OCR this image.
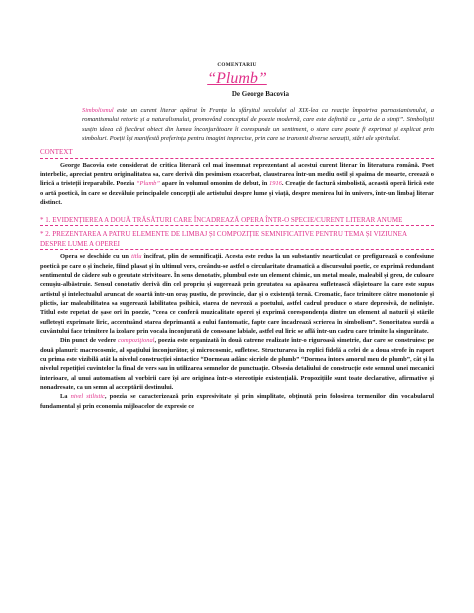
COMENTARIU
“Plumb”
De George Bacovia

Simbolismul este un curent literar apărut în Franța la sfârșitul secolului al XIX-lea ca reacție împotriva parnasianismului, a romantismului retoric și a naturalismului, promovând conceptul de poezie modernă, care este definită ca „arta de a simți”. Simboliștii susțin ideea că fiecărui obiect din lumea înconjurătoare îi corespunde un sentiment, o stare care poate fi exprimat și explicat prin simboluri. Poeții își manifestă preferința pentru imagini imprecise, prin care se transmit diverse senzații, stări ale spiritului.

CONTEXT

George Bacovia este considerat de critica literară cel mai însemnat reprezentant al acestui curent literar în literatura română. Poet interbelic, apreciat pentru originalitatea sa, care derivă din pesimism exacerbat, claustrarea într-un mediu ostil și spaima de moarte, creează o lirică a tristeții ireparabile. Poezia “Plumb” apare în volumul omonim de debut, în 1916. Creație de factură simbolistă, această operă lirică este o artă poetică, în care se dezvăluie principalele concepții ale artistului despre lume și viață, despre menirea lui în univers, într-un limbaj literar distinct.

* 1. EVIDENȚIEREA A DOUĂ TRĂSĂTURI CARE ÎNCADREAZĂ OPERA ÎNTR-O SPECIE/CURENT LITERAR ANUME
* 2. PREZENTAREA A PATRU ELEMENTE DE LIMBAJ ȘI COMPOZIȚIE SEMNIFICATIVE PENTRU TEMA ȘI VIZIUNEA DESPRE LUME A OPEREI

Opera se deschide cu un titlu încifrat, plin de semnificații. Acesta este redus la un substantiv nearticulat ce prefigurează o confesiune poetică pe care o și încheie, fiind plasat și în ultimul vers, creându-se astfel o circularitate dramatică a discursului poetic, ce exprimă redundant sentimentul de cădere sub o greutate strivitoare. În sens denotativ, plumbul este un element chimic, un metal moale, maleabil și greu, de culoare cenușiu-albăstruie. Sensul conotativ derivă din cel propriu și sugerează prin greutatea sa apăsarea sufletească sfâșietoare la care este supus artistul și intelectualul aruncat de soartă într-un oraș pustiu, de provincie, dar și o existență ternă. Cromatic, face trimitere către monotonie și plictis, iar maleabilitatea sa sugerează labilitatea psihică, starea de nevroză a poetului, astfel cadrul produce o stare depresivă, de nelinişte. Titlul este repetat de șase ori în poezie, ”ceea ce conferă muzicalitate operei și exprimă corespondența dintre un element al naturii și stările sufletești exprimate liric, accentuând starea deprimantă a eului fantomatic, fapte care încadrează scrierea în simbolism”. Sonoritatea surdă a cuvântului face trimitere la izolare prin vocala înconjurată de consoane labiale, astfel eul liric se află într-un cadru care trimite la singurătate.

Din punct de vedere compoziţional, poezia este organizată în două catrene realizate într-o riguroasă simetrie, dar care se construiesc pe două planuri: macrocosmic, al spațiului înconjurător, și microcosmic, sufletesc. Structurarea în replici fidelă a celei de a doua strofe în raport cu prima este vizibilă atât la nivelul construcției sintactice “Dormeau adânc sicriele de plumb” “Dormea întors amorul meu de plumb”, cât și la nivelul repetiției cuvintelor la final de vers sau în utilizarea semnelor de punctuație. Obsesia detaliului de construcție este semnul unei mecanici interioare, al unui automatism al vorbirii care își are originea într-o stereotipie existențială. Propozițiile sunt toate declarative, afirmative și nonadresate, ca un semn al acceptării destinului.

La nivel stilistic, poezia se caracterizează prin expresivitate și prin simplitate, obținută prin folosirea termenilor din vocabularul fundamental și prin economia mijloacelor de expresie ce
